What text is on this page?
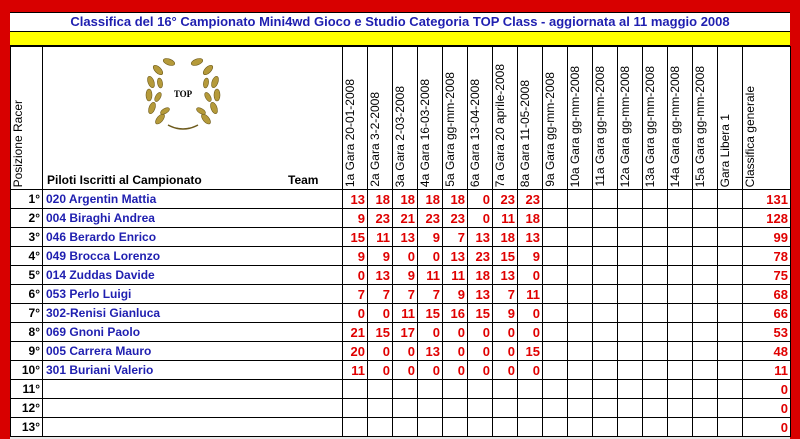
Classifica del 16° Campionato Mini4wd Gioco e Studio Categoria TOP Class - aggiornata al 11 maggio 2008
Posizione Racer	TOP
Piloti Iscritti al Campionato Team	1a Gara 20-01-2008	2a Gara 3-2-2008	3a Gara 2-03-2008	4a Gara 16-03-2008	5a Gara gg-mm-2008	6a Gara 13-04-2008	7a Gara 20 aprile-2008	8a Gara 11-05-2008	9a Gara gg-mm-2008	10a Gara gg-mm-2008	11a Gara gg-mm-2008	12a Gara gg-mm-2008	13a Gara gg-mm-2008	14a Gara gg-mm-2008	15a Gara gg-mm-2008	Gara Libera 1	Classifica generale

1°	020 Argentin Mattia	13	18	18	18	18	0	23	23									131
2°	004 Biraghi Andrea	9	23	21	23	23	0	11	18									128
3°	046 Berardo Enrico	15	11	13	9	7	13	18	13									99
4°	049 Brocca Lorenzo	9	9	0	0	13	23	15	9									78
5°	014 Zuddas Davide	0	13	9	11	11	18	13	0									75
6°	053 Perlo Luigi	7	7	7	7	9	13	7	11									68
7°	302-Renisi Gianluca	0	0	11	15	16	15	9	0									66
8°	069 Gnoni Paolo	21	15	17	0	0	0	0	0									53
9°	005 Carrera Mauro	20	0	0	13	0	0	0	15									48
10°	301 Buriani Valerio	11	0	0	0	0	0	0	0									11
11°																		0
12°																		0
13°																		0
